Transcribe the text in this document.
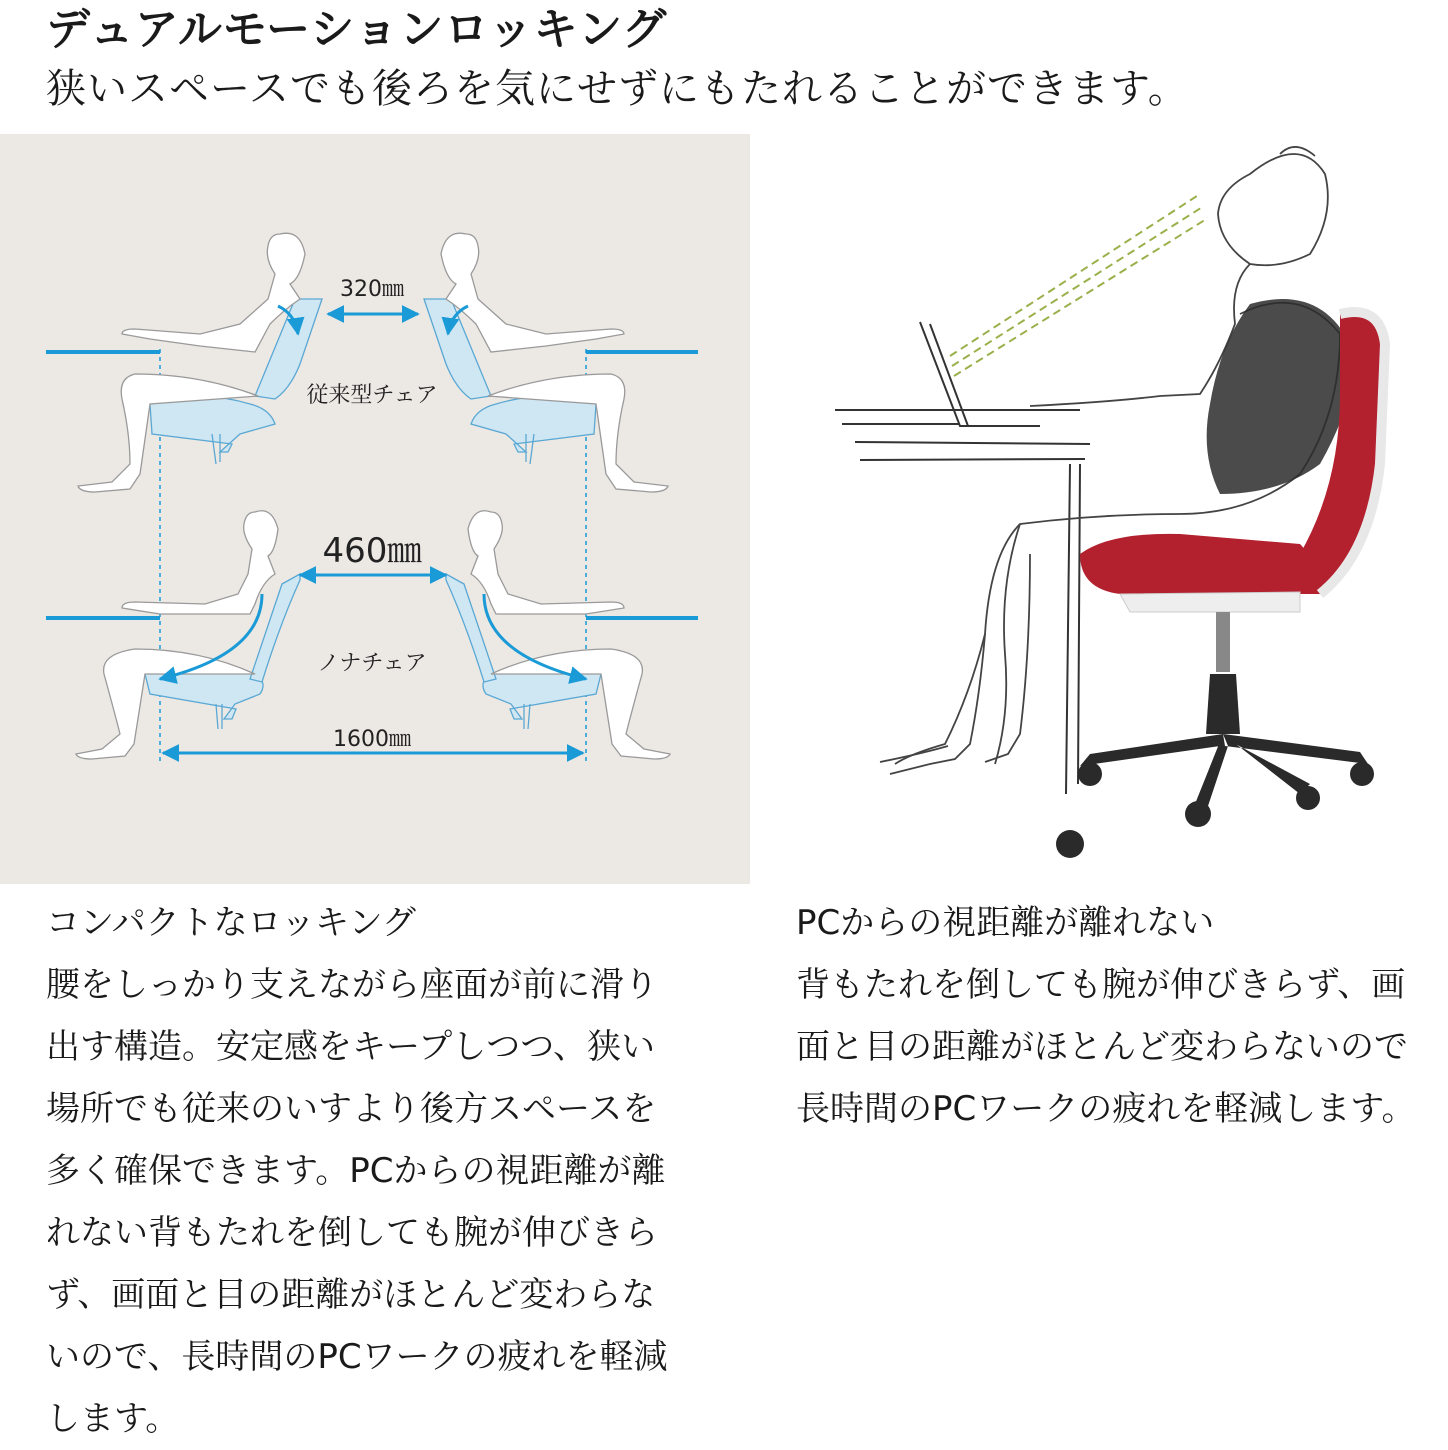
デュアルモーションロッキング
狭いスペースでも後ろを気にせずにもたれることができます。
320㎜
従来型チェア
460㎜
ノナチェア
1600㎜
コンパクトなロッキング
腰をしっかり支えながら座面が前に滑り
出す構造。安定感をキープしつつ、狭い
場所でも従来のいすより後方スペースを
多く確保できます。PCからの視距離が離
れない背もたれを倒しても腕が伸びきら
ず、画面と目の距離がほとんど変わらな
いので、長時間のPCワークの疲れを軽減
します。
PCからの視距離が離れない
背もたれを倒しても腕が伸びきらず、画
面と目の距離がほとんど変わらないので
長時間のPCワークの疲れを軽減します。
